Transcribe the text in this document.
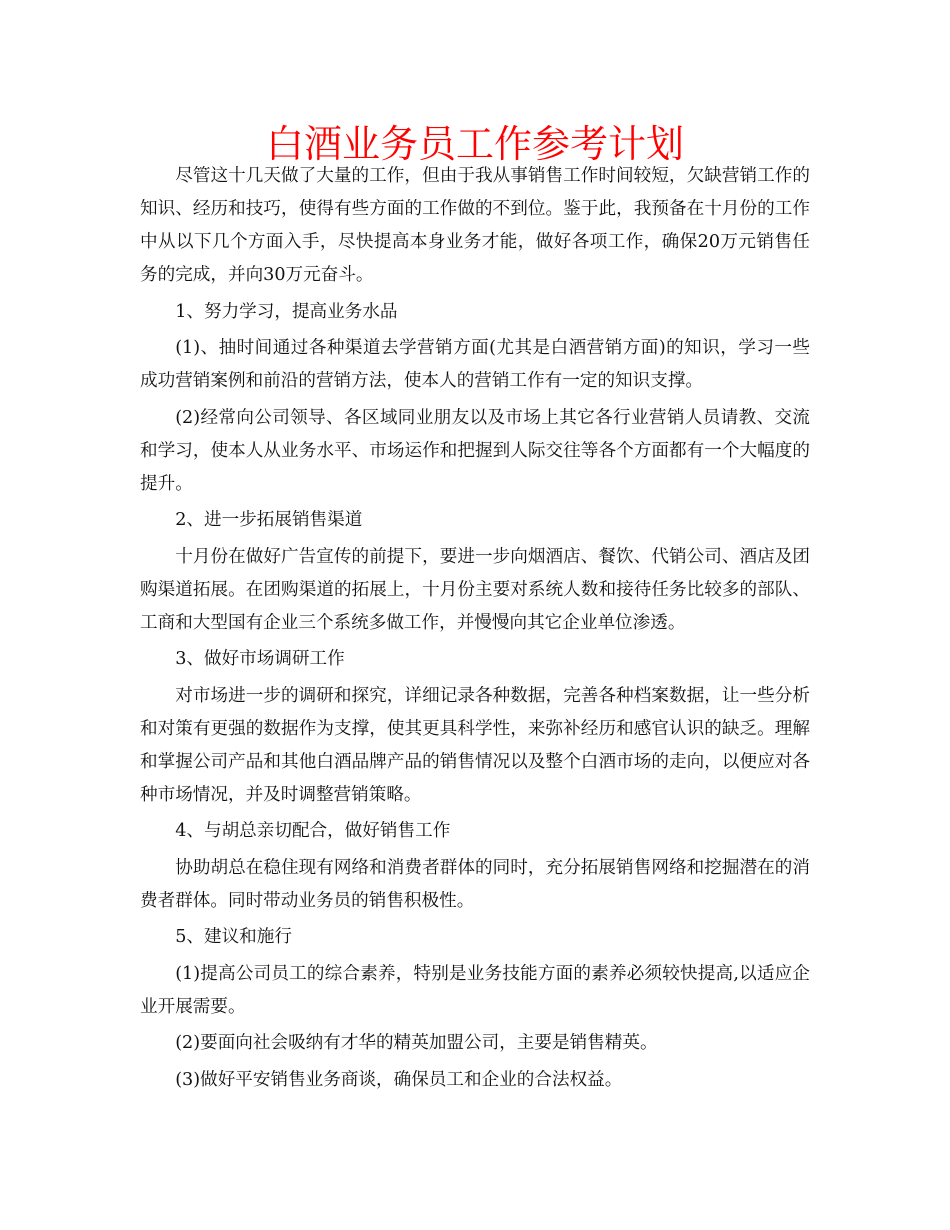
白酒业务员工作参考计划

尽管这十几天做了大量的工作，但由于我从事销售工作时间较短，欠缺营销工作的知识、经历和技巧，使得有些方面的工作做的不到位。鉴于此，我预备在十月份的工作中从以下几个方面入手，尽快提高本身业务才能，做好各项工作，确保20万元销售任务的完成，并向30万元奋斗。

1、努力学习，提高业务水品

(1)、抽时间通过各种渠道去学营销方面(尤其是白酒营销方面)的知识，学习一些成功营销案例和前沿的营销方法，使本人的营销工作有一定的知识支撑。

(2)经常向公司领导、各区域同业朋友以及市场上其它各行业营销人员请教、交流和学习，使本人从业务水平、市场运作和把握到人际交往等各个方面都有一个大幅度的提升。

2、进一步拓展销售渠道

十月份在做好广告宣传的前提下，要进一步向烟酒店、餐饮、代销公司、酒店及团购渠道拓展。在团购渠道的拓展上，十月份主要对系统人数和接待任务比较多的部队、工商和大型国有企业三个系统多做工作，并慢慢向其它企业单位渗透。

3、做好市场调研工作

对市场进一步的调研和探究，详细记录各种数据，完善各种档案数据，让一些分析和对策有更强的数据作为支撑，使其更具科学性，来弥补经历和感官认识的缺乏。理解和掌握公司产品和其他白酒品牌产品的销售情况以及整个白酒市场的走向，以便应对各种市场情况，并及时调整营销策略。

4、与胡总亲切配合，做好销售工作

协助胡总在稳住现有网络和消费者群体的同时，充分拓展销售网络和挖掘潜在的消费者群体。同时带动业务员的销售积极性。

5、建议和施行

(1)提高公司员工的综合素养，特别是业务技能方面的素养必须较快提高,以适应企业开展需要。

(2)要面向社会吸纳有才华的精英加盟公司，主要是销售精英。

(3)做好平安销售业务商谈，确保员工和企业的合法权益。
